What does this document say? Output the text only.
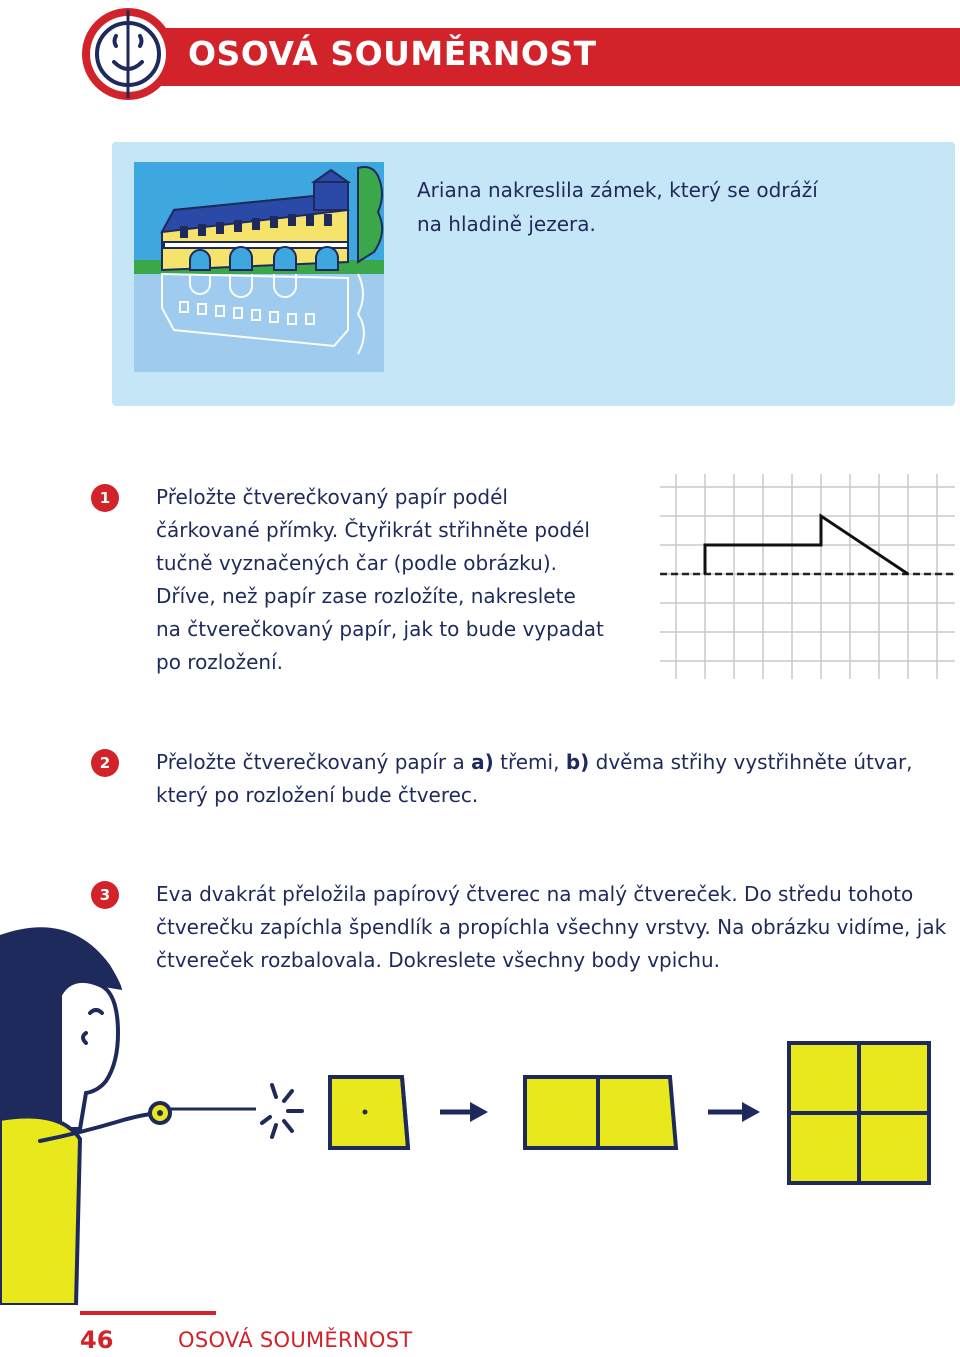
OSOVÁ SOUMĚRNOST
Ariana nakreslila zámek, který se odráží
na hladině jezera.
1	Přeložte čtverečkovaný papír podél
čárkované přímky. Čtyřikrát střihněte podél
tučně vyznačených čar (podle obrázku).
Dříve, než papír zase rozložíte, nakreslete
na čtverečkovaný papír, jak to bude vypadat
po rozložení.
2	Přeložte čtverečkovaný papír a a) třemi, b) dvěma střihy vystřihněte útvar,
který po rozložení bude čtverec.
3	Eva dvakrát přeložila papírový čtverec na malý čtvereček. Do středu tohoto
čtverečku zapíchla špendlík a propíchla všechny vrstvy. Na obrázku vidíme, jak
čtvereček rozbalovala. Dokreslete všechny body vpichu.
46	OSOVÁ SOUMĚRNOST
